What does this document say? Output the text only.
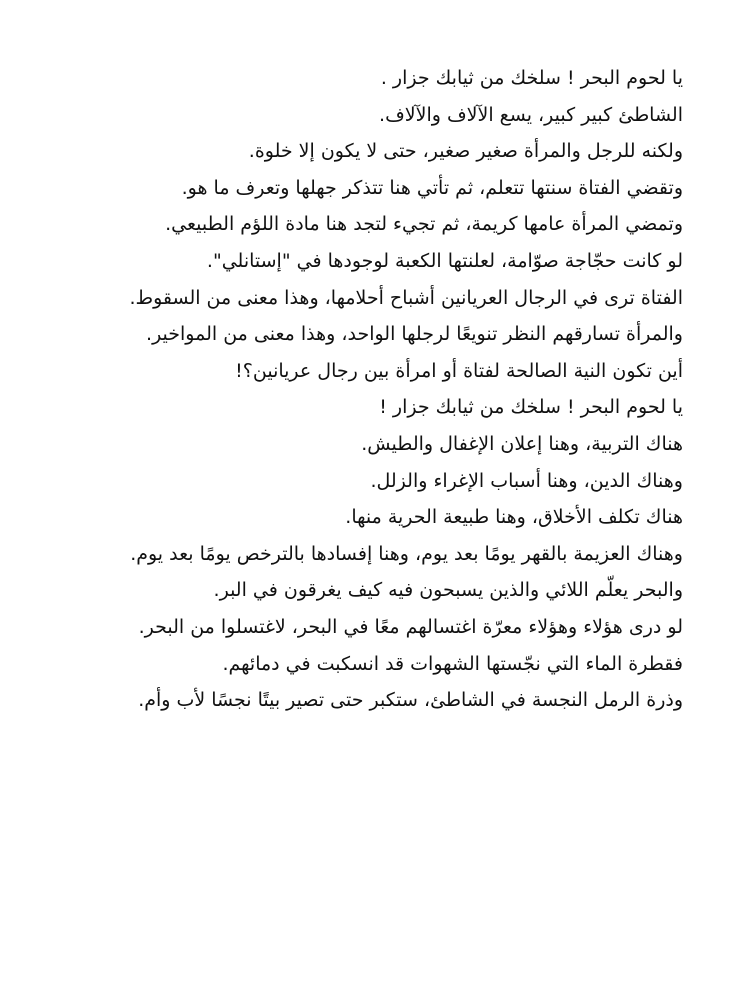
يا لحوم البحر ! سلخك من ثيابك جزار .
الشاطئ كبير كبير، يسع الآلاف والآلاف.
ولكنه للرجل والمرأة صغير صغير، حتى لا يكون إلا خلوة.
وتقضي الفتاة سنتها تتعلم، ثم تأتي هنا تتذكر جهلها وتعرف ما هو.
وتمضي المرأة عامها كريمة، ثم تجيء لتجد هنا مادة اللؤم الطبيعي.
لو كانت حجّاجة صوّامة، لعلنتها الكعبة لوجودها في "إستانلي".
الفتاة ترى في الرجال العريانين أشباح أحلامها، وهذا معنى من السقوط.
والمرأة تسارقهم النظر تنويعًا لرجلها الواحد، وهذا معنى من المواخير.
أين تكون النية الصالحة لفتاة أو امرأة بين رجال عريانين؟!
يا لحوم البحر ! سلخك من ثيابك جزار !
هناك التربية، وهنا إعلان الإغفال والطيش.
وهناك الدين، وهنا أسباب الإغراء والزلل.
هناك تكلف الأخلاق، وهنا طبيعة الحرية منها.
وهناك العزيمة بالقهر يومًا بعد يوم، وهنا إفسادها بالترخص يومًا بعد يوم.
والبحر يعلّم اللائي والذين يسبحون فيه كيف يغرقون في البر.
لو درى هؤلاء وهؤلاء معرّة اغتسالهم معًا في البحر، لاغتسلوا من البحر.
فقطرة الماء التي نجّستها الشهوات قد انسكبت في دمائهم.
وذرة الرمل النجسة في الشاطئ، ستكبر حتى تصير بيتًا نجسًا لأب وأم.
